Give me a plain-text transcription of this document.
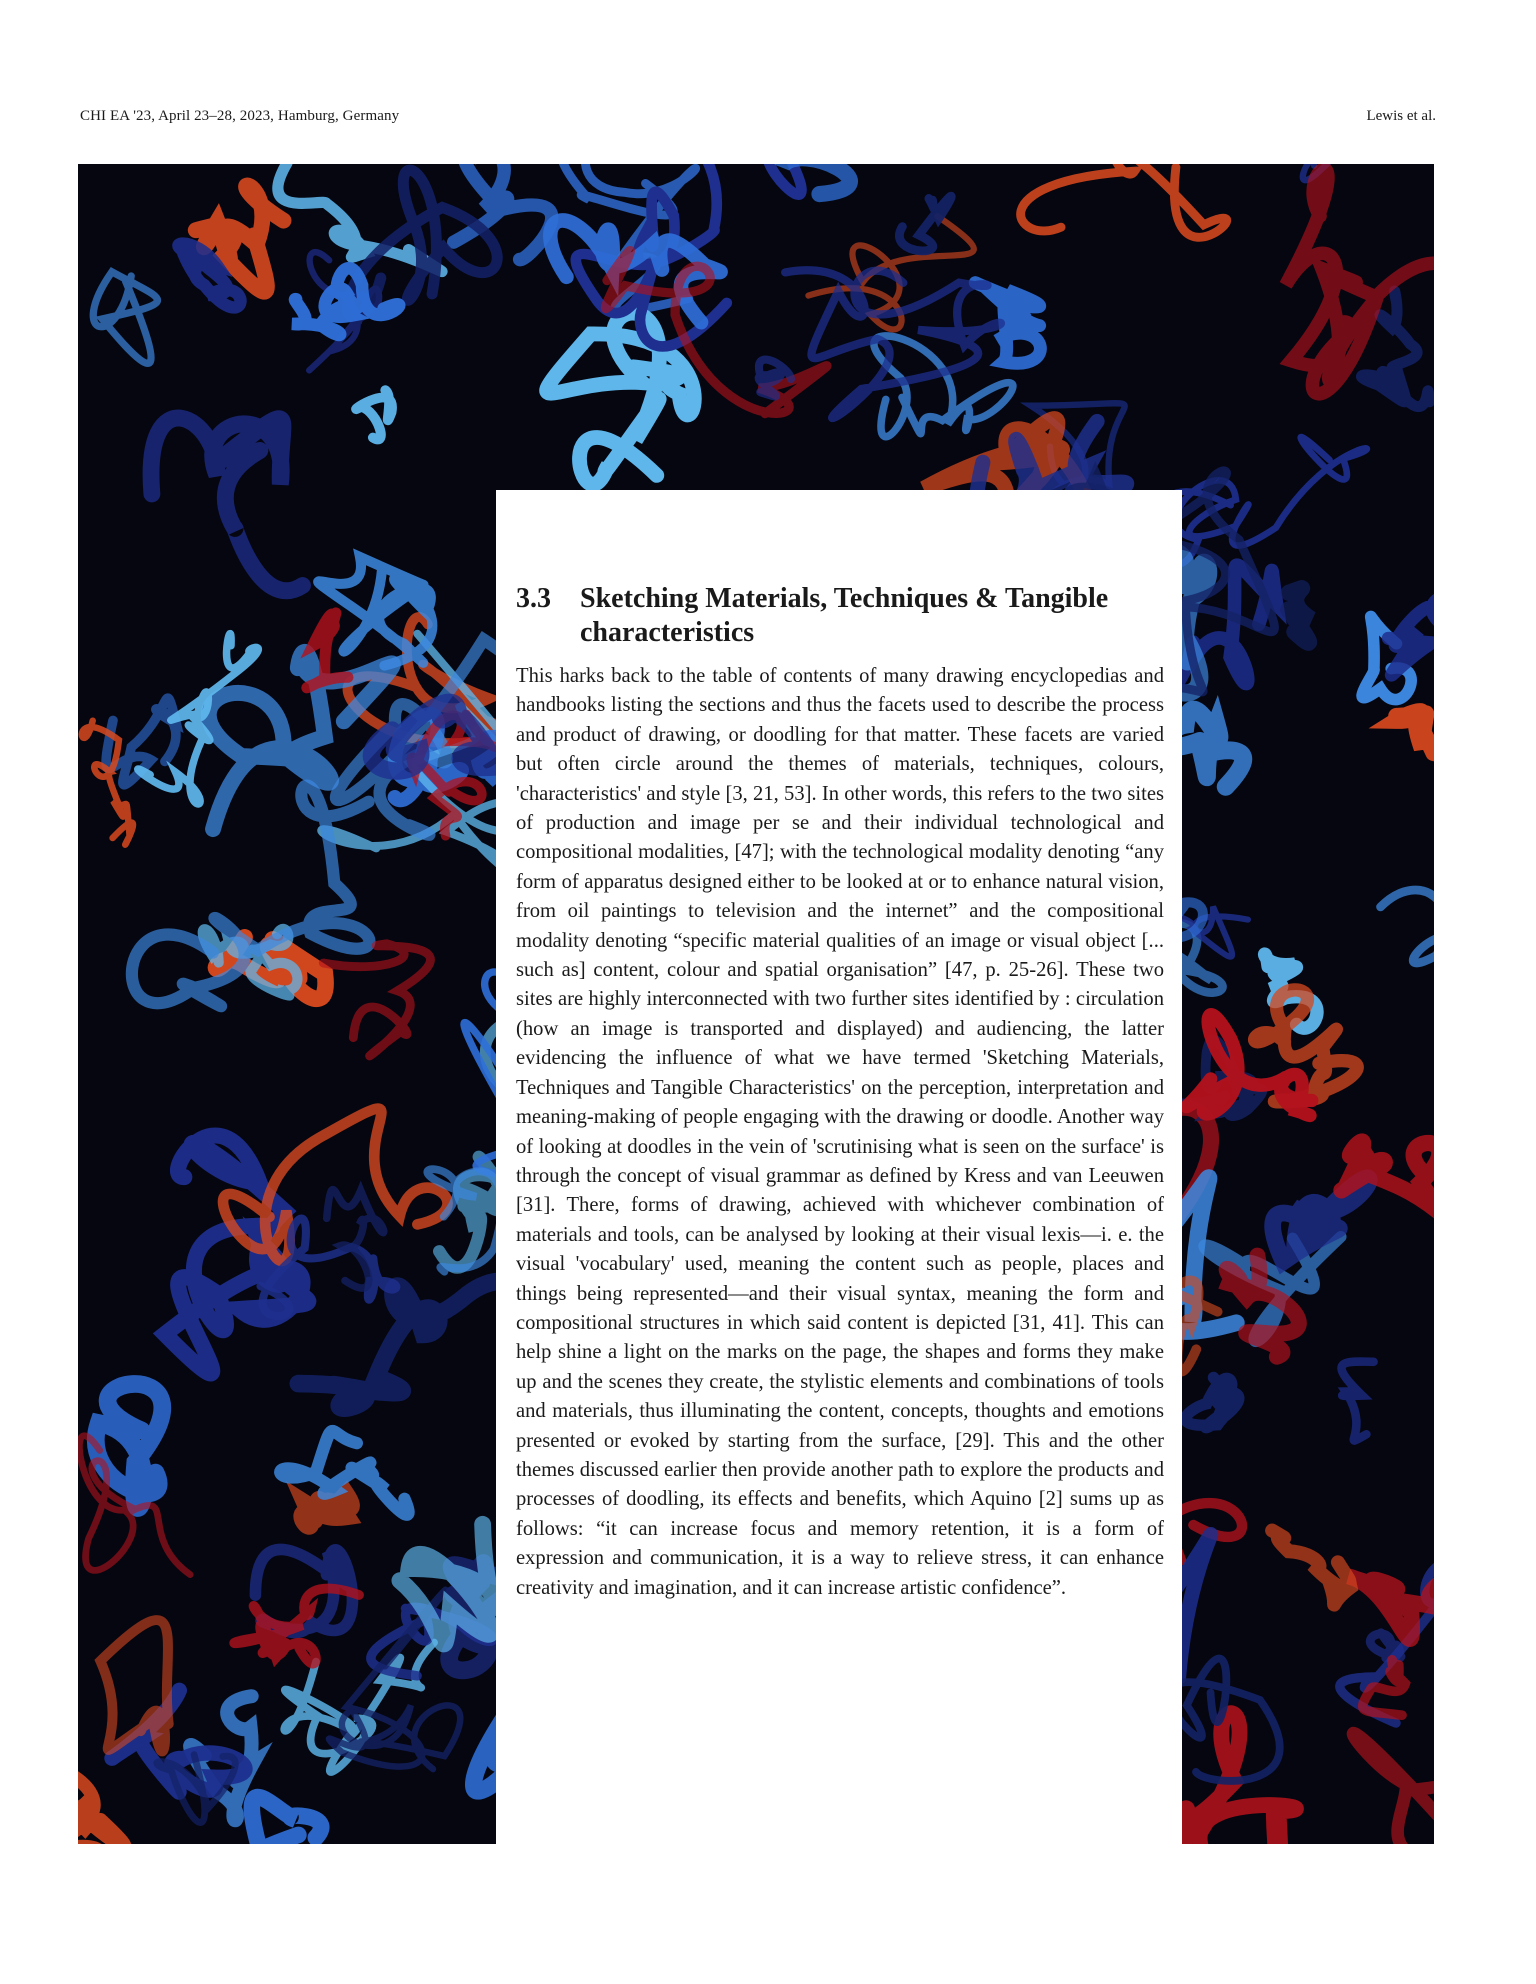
CHI EA '23, April 23–28, 2023, Hamburg, Germany	Lewis et al.
3.3	Sketching Materials, Techniques & Tangible characteristics

This harks back to the table of contents of many drawing encyclopedias and handbooks listing the sections and thus the facets used to describe the process and product of drawing, or doodling for that matter. These facets are varied but often circle around the themes of materials, techniques, colours, 'characteristics' and style [3, 21, 53]. In other words, this refers to the two sites of production and image per se and their individual technological and compositional modalities, [47]; with the technological modality denoting “any form of apparatus designed either to be looked at or to enhance natural vision, from oil paintings to television and the internet” and the compositional modality denoting “specific material qualities of an image or visual object [... such as] content, colour and spatial organisation” [47, p. 25-26]. These two sites are highly interconnected with two further sites identified by : circulation (how an image is transported and displayed) and audiencing, the latter evidencing the influence of what we have termed 'Sketching Materials, Techniques and Tangible Characteristics' on the perception, interpretation and meaning-making of people engaging with the drawing or doodle. Another way of looking at doodles in the vein of 'scrutinising what is seen on the surface' is through the concept of visual grammar as defined by Kress and van Leeuwen [31]. There, forms of drawing, achieved with whichever combination of materials and tools, can be analysed by looking at their visual lexis—i. e. the visual 'vocabulary' used, meaning the content such as people, places and things being represented—and their visual syntax, meaning the form and compositional structures in which said content is depicted [31, 41]. This can help shine a light on the marks on the page, the shapes and forms they make up and the scenes they create, the stylistic elements and combinations of tools and materials, thus illuminating the content, concepts, thoughts and emotions presented or evoked by starting from the surface, [29]. This and the other themes discussed earlier then provide another path to explore the products and processes of doodling, its effects and benefits, which Aquino [2] sums up as follows: “it can increase focus and memory retention, it is a form of expression and communication, it is a way to relieve stress, it can enhance creativity and imagination, and it can increase artistic confidence”.
